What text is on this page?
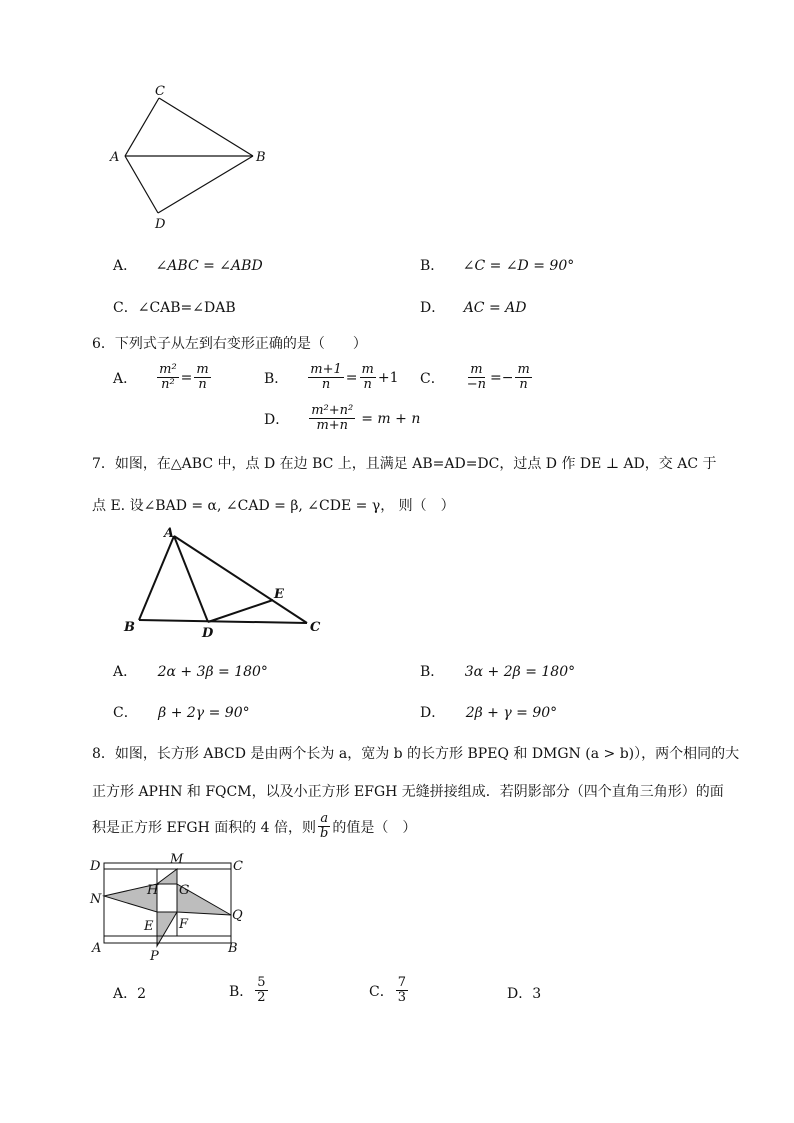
C
A	B
D
A． ∠ABC = ∠ABD	B． ∠C = ∠D = 90°
C．∠CAB=∠DAB	D． AC = AD
6．下列式子从左到右变形正确的是（　　）
A． $\frac{\text{m²}}{\text{n²}} = \frac{m}{n}$	B． $\frac{m+1}{n} = \frac{m}{n} +1$ C． $\frac{m}{-n} =- \frac{m}{n}$
D． $\frac{\text{m²+n²}}{m+n} = m + n$
7．如图，在△ABC 中，点 D 在边 BC 上，且满足 AB=AD=DC，过点 D 作 DE ⊥ AD，交 AC 于
点 E. 设∠BAD = α, ∠CAD = β, ∠CDE = γ， 则（　）
A
B	D
E
C
A． 2α + 3β = 180°	B． 3α + 2β = 180°
C． β + 2γ = 90°	D． 2β + γ = 90°
8．如图，长方形 ABCD 是由两个长为 a，宽为 b 的长方形 BPEQ 和 DMGN (a > b)），两个相同的大
正方形 APHN 和 FQCM，以及小正方形 EFGH 无缝拼接组成．若阴影部分（四个直角三角形）的面
积是正方形 EFGH 面积的 4 倍，则 $\frac{a}{b}$ 的值是（　）
D	M	C
H G
N
Q
E F
A
P
B
A．2	B． $\frac{5}{2}$	C． $\frac{7}{3}$	D．3
